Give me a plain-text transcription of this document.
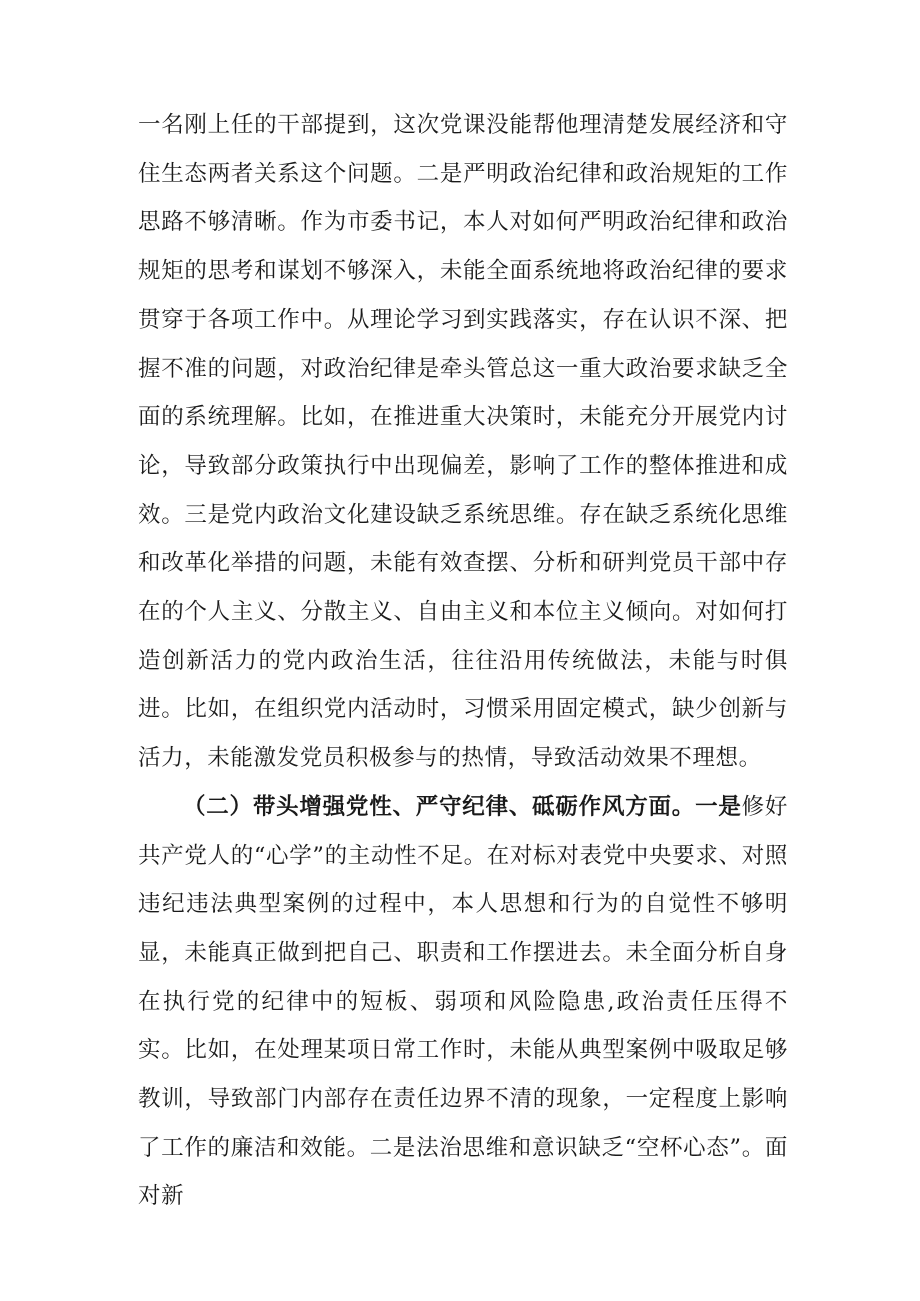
一名刚上任的干部提到，这次党课没能帮他理清楚发展经济和守住生态两者关系这个问题。二是严明政治纪律和政治规矩的工作思路不够清晰。作为市委书记，本人对如何严明政治纪律和政治规矩的思考和谋划不够深入，未能全面系统地将政治纪律的要求贯穿于各项工作中。从理论学习到实践落实，存在认识不深、把握不准的问题，对政治纪律是牵头管总这一重大政治要求缺乏全面的系统理解。比如，在推进重大决策时，未能充分开展党内讨论，导致部分政策执行中出现偏差，影响了工作的整体推进和成效。三是党内政治文化建设缺乏系统思维。存在缺乏系统化思维和改革化举措的问题，未能有效查摆、分析和研判党员干部中存在的个人主义、分散主义、自由主义和本位主义倾向。对如何打造创新活力的党内政治生活，往往沿用传统做法，未能与时俱进。比如，在组织党内活动时，习惯采用固定模式，缺少创新与活力，未能激发党员积极参与的热情，导致活动效果不理想。

（二）带头增强党性、严守纪律、砥砺作风方面。一是修好共产党人的“心学”的主动性不足。在对标对表党中央要求、对照违纪违法典型案例的过程中，本人思想和行为的自觉性不够明显，未能真正做到把自己、职责和工作摆进去。未全面分析自身在执行党的纪律中的短板、弱项和风险隐患,政治责任压得不实。比如，在处理某项日常工作时，未能从典型案例中吸取足够教训，导致部门内部存在责任边界不清的现象，一定程度上影响了工作的廉洁和效能。二是法治思维和意识缺乏“空杯心态”。面对新
